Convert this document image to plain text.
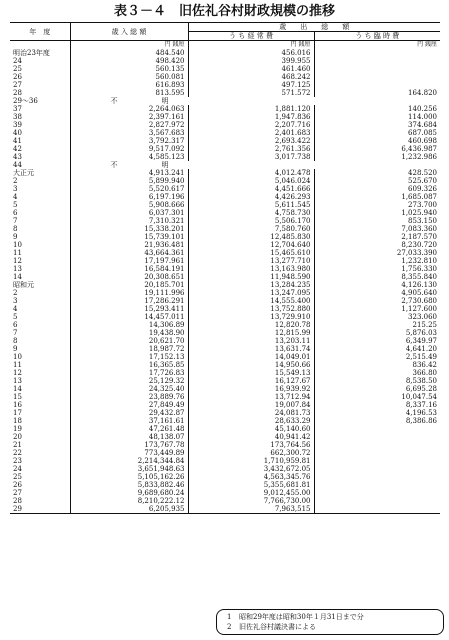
表３－４　旧佐礼谷村財政規模の推移
年　度	歳 入 総 額	歳　　出　　総　　額	
		う ち 経 常 費	う ち 臨 時 費
	円 銭厘	円 銭厘	円 銭厘
明治23年度	484.540	456.016	
24	498.420	399.955	
25	560.135	461.460	
26	560.081	468.242	
27	616.893	497.125	
28	813.595	571.572	164.820
29～36	不　　明		
37	2,264.063	1,881.120	140.256
38	2,397.161	1,947.836	114.000
39	2,827.972	2,207.716	374.684
40	3,567.683	2,401.683	687.085
41	3,792.317	2,693.422	460.698
42	9,517.092	2,761.356	6,436.987
43	4,585.123	3,017.738	1,232.986
44	不　　明		
大正元	4,913.241	4,012.478	428.520
2	5,899.940	5,046.024	525.670
3	5,520.617	4,451.666	609.326
4	6,197.196	4,426.293	1,685.087
5	5,908.666	5,611.545	273.700
6	6,037.301	4,758.730	1,025.940
7	7,310.321	5,506.170	853.150
8	15,338.201	7,580.760	7,083.360
9	15,739.101	12,485.830	2,187.570
10	21,936.481	12,704.640	8,230.720
11	43,664.361	15,465.610	27,033.390
12	17,197.961	13,277.710	1,232.810
13	16,584.191	13,163.980	1,756.330
14	20,308.651	11,948.590	8,355.840
昭和元	20,185.701	13,284.235	4,126.130
2	19,111.996	13,247.095	4,905.640
3	17,286.291	14,555.400	2,730.680
4	15,293.411	13,752.880	1,127.600
5	14,457.011	13,729.910	323.060
6	14,306.89	12,820.78	215.25
7	19,438.90	12,815.99	5,876.03
8	20,621.70	13,203.11	6,349.97
9	18,987.72	13,631.74	4,641.20
10	17,152.13	14,049.01	2,515.49
11	16,365.85	14,950.66	836.42
12	17,726.83	15,549.13	366.80
13	25,129.32	16,127.67	8,538.50
14	24,325.40	16,939.92	6,695.28
15	23,889.76	13,712.94	10,047.54
16	27,849.49	19,007.84	8,337.16
17	29,432.87	24,081.73	4,196.53
18	37,161.61	28,633.29	8,386.86
19	47,261.48	45,140.60	
20	48,138.07	40,941.42	
21	173,767.78	173,764.56	
22	773,449.89	662,300.72	
23	2,214,344.84	1,710,959.81	
24	3,651,948.63	3,432,672.05	
25	5,105,162.26	4,563,345.76	
26	5,833,882.46	5,355,681.81	
27	9,689,680.24	9,012,455.00	
28	8,210,222.12	7,766,730.00	
29	6,205,935	7,963,515	
1	昭和29年度は昭和30年１月31日まで分
2	旧佐礼谷村議決書による
